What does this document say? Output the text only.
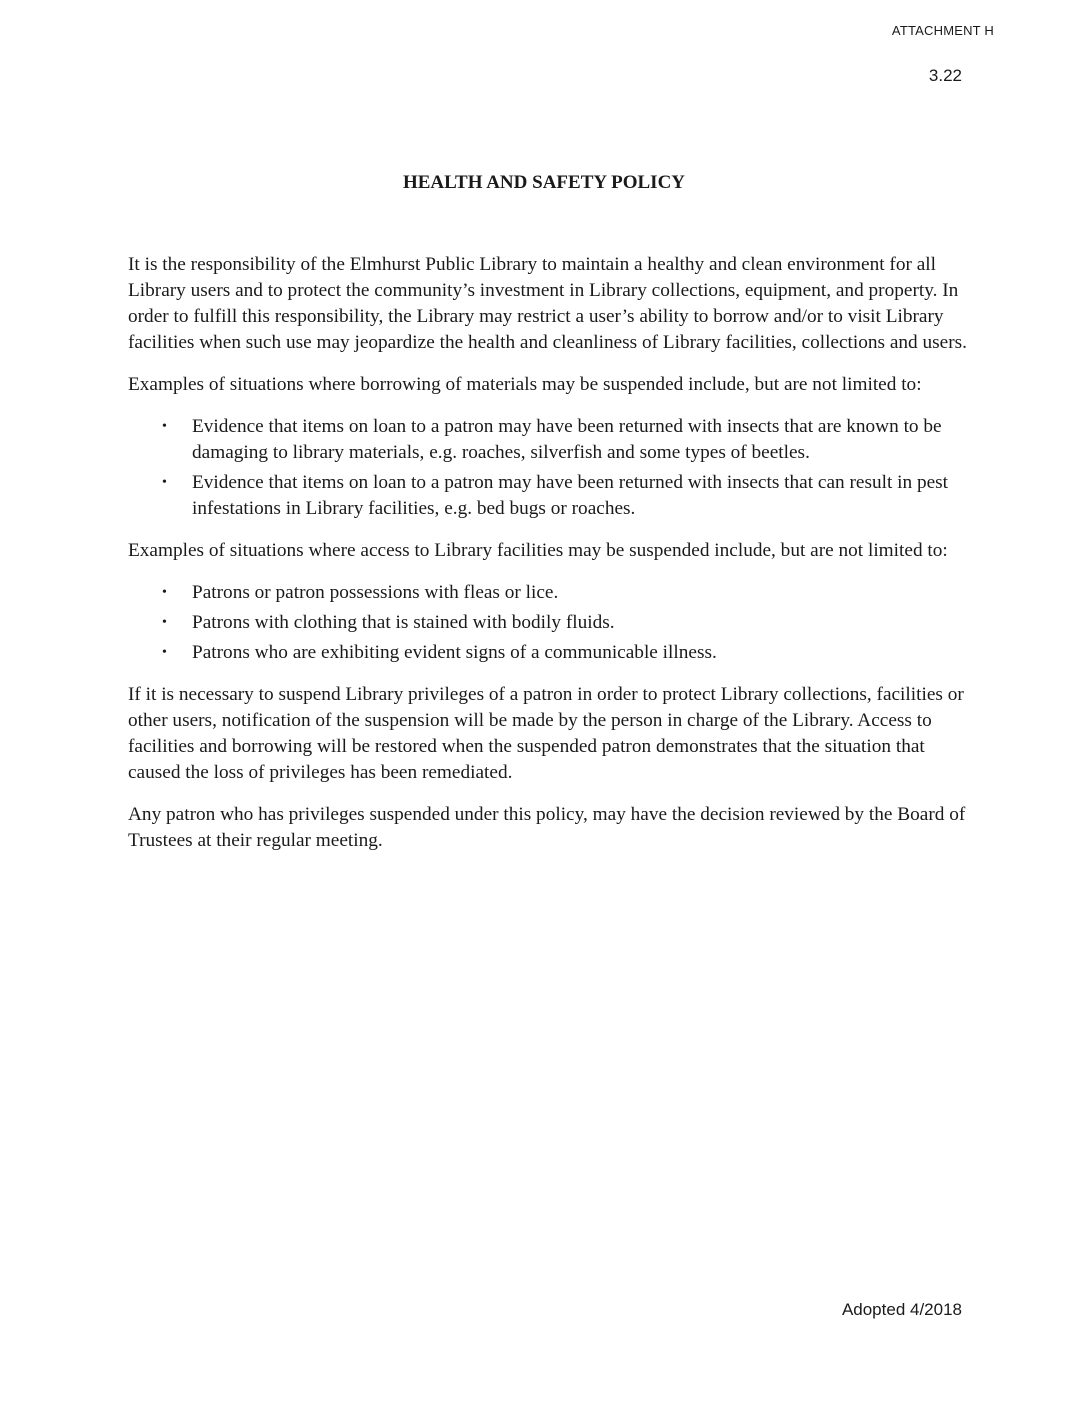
ATTACHMENT H
3.22
HEALTH AND SAFETY POLICY

It is the responsibility of the Elmhurst Public Library to maintain a healthy and clean environment for all Library users and to protect the community’s investment in Library collections, equipment, and property. In order to fulfill this responsibility, the Library may restrict a user’s ability to borrow and/or to visit Library facilities when such use may jeopardize the health and cleanliness of Library facilities, collections and users.

Examples of situations where borrowing of materials may be suspended include, but are not limited to:

• Evidence that items on loan to a patron may have been returned with insects that are known to be damaging to library materials, e.g. roaches, silverfish and some types of beetles.
• Evidence that items on loan to a patron may have been returned with insects that can result in pest infestations in Library facilities, e.g. bed bugs or roaches.

Examples of situations where access to Library facilities may be suspended include, but are not limited to:

• Patrons or patron possessions with fleas or lice.
• Patrons with clothing that is stained with bodily fluids.
• Patrons who are exhibiting evident signs of a communicable illness.

If it is necessary to suspend Library privileges of a patron in order to protect Library collections, facilities or other users, notification of the suspension will be made by the person in charge of the Library. Access to facilities and borrowing will be restored when the suspended patron demonstrates that the situation that caused the loss of privileges has been remediated.

Any patron who has privileges suspended under this policy, may have the decision reviewed by the Board of Trustees at their regular meeting.

Adopted 4/2018
